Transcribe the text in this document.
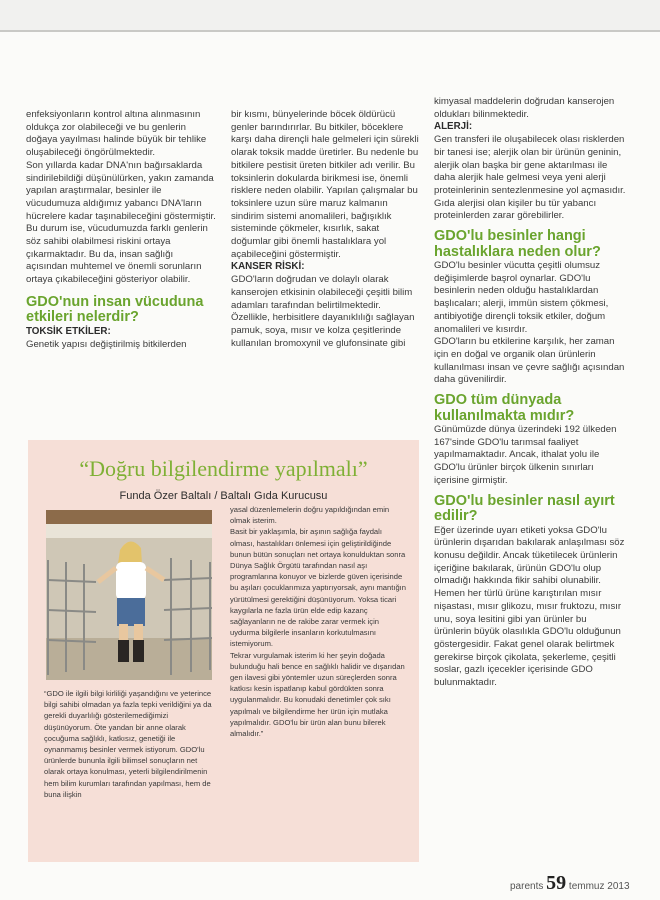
enfeksiyonların kontrol altına alınmasının oldukça zor olabileceği ve bu genlerin doğaya yayılması halinde büyük bir tehlike oluşabileceği öngörülmektedir.

Son yıllarda kadar DNA'nın bağırsaklarda sindirilebildiği düşünülürken, yakın zamanda yapılan araştırmalar, besinler ile vücudumuza aldığımız yabancı DNA'ların hücrelere kadar taşınabileceğini göstermiştir. Bu durum ise, vücudumuzda farklı genlerin söz sahibi olabilmesi riskini ortaya çıkarmaktadır. Bu da, insan sağlığı açısından muhtemel ve önemli sorunların ortaya çıkabileceğini gösteriyor olabilir.

GDO'nun insan vücuduna etkileri nelerdir?

TOKSİK ETKİLER:

Genetik yapısı değiştirilmiş bitkilerden

bir kısmı, bünyelerinde böcek öldürücü genler barındırırlar. Bu bitkiler, böceklere karşı daha dirençli hale gelmeleri için sürekli olarak toksik madde üretirler. Bu nedenle bu bitkilere pestisit üreten bitkiler adı verilir. Bu toksinlerin dokularda birikmesi ise, önemli risklere neden olabilir. Yapılan çalışmalar bu toksinlere uzun süre maruz kalmanın sindirim sistemi anomalileri, bağışıklık sisteminde çökmeler, kısırlık, sakat doğumlar gibi önemli hastalıklara yol açabileceğini göstermiştir.

KANSER RİSKİ:

GDO'ların doğrudan ve dolaylı olarak kanserojen etkisinin olabileceği çeşitli bilim adamları tarafından belirtilmektedir. Özellikle, herbisitlere dayanıklılığı sağlayan pamuk, soya, mısır ve kolza çeşitlerinde kullanılan bromoxynil ve glufonsinate gibi

kimyasal maddelerin doğrudan kanserojen oldukları bilinmektedir.

ALERJİ:

Gen transferi ile oluşabilecek olası risklerden bir tanesi ise; alerjik olan bir ürünün geninin, alerjik olan başka bir gene aktarılması ile daha alerjik hale gelmesi veya yeni alerji proteinlerinin sentezlenmesine yol açmasıdır. Gıda alerjisi olan kişiler bu tür yabancı proteinlerden zarar görebilirler.

GDO'lu besinler hangi hastalıklara neden olur?

GDO'lu besinler vücutta çeşitli olumsuz değişimlerde başrol oynarlar. GDO'lu besinlerin neden olduğu hastalıklardan başlıcaları; alerji, immün sistem çökmesi, antibiyotiğe dirençli toksik etkiler, doğum anomalileri ve kısırdır.

GDO'ların bu etkilerine karşılık, her zaman için en doğal ve organik olan ürünlerin kullanılması insan ve çevre sağlığı açısından daha güvenilirdir.

GDO tüm dünyada kullanılmakta mıdır?

Günümüzde dünya üzerindeki 192 ülkeden 167'sinde GDO'lu tarımsal faaliyet yapılmamaktadır. Ancak, ithalat yolu ile GDO'lu ürünler birçok ülkenin sınırları içerisine girmiştir.

GDO'lu besinler nasıl ayırt edilir?

Eğer üzerinde uyarı etiketi yoksa GDO'lu ürünlerin dışarıdan bakılarak anlaşılması söz konusu değildir. Ancak tüketilecek ürünlerin içeriğine bakılarak, ürünün GDO'lu olup olmadığı hakkında fikir sahibi olunabilir. Hemen her türlü ürüne karıştırılan mısır nişastası, mısır glikozu, mısır fruktozu, mısır unu, soya lesitini gibi yan ürünler bu ürünlerin büyük olasılıkla GDO'lu olduğunun göstergesidir. Fakat genel olarak belirtmek gerekirse birçok çikolata, şekerleme, çeşitli soslar, gazlı içecekler içerisinde GDO bulunmaktadır.

“Doğru bilgilendirme yapılmalı”
Funda Özer Baltalı / Baltalı Gıda Kurucusu

“GDO ile ilgili bilgi kirliliği yaşandığını ve yeterince bilgi sahibi olmadan ya fazla tepki verildiğini ya da gerekli duyarlılığı gösterilemediğimizi düşünüyorum. Öte yandan bir anne olarak çocuğuma sağlıklı, katkısız, genetiği ile oynanmamış besinler vermek istiyorum. GDO'lu ürünlerde bununla ilgili bilimsel sonuçların net olarak ortaya konulması, yeterli bilgilendirilmenin hem bilim kurumları tarafından yapılması, hem de buna ilişkin

yasal düzenlemelerin doğru yapıldığından emin olmak isterim.

Basit bir yaklaşımla, bir aşının sağlığa faydalı olması, hastalıkları önlemesi için geliştirildiğinde bunun bütün sonuçları net ortaya konulduktan sonra Dünya Sağlık Örgütü tarafından nasıl aşı programlarına konuyor ve bizlerde güven içerisinde bu aşıları çocuklarımıza yaptırıyorsak, aynı mantığın yürütülmesi gerektiğini düşünüyorum. Yoksa ticari kaygılarla ne fazla ürün elde edip kazanç sağlayanların ne de rakibe zarar vermek için uydurma bilgilerle insanların korkutulmasını istemiyorum.

Tekrar vurgulamak isterim ki her şeyin doğada bulunduğu hali bence en sağlıklı halidir ve dışarıdan gen ilavesi gibi yöntemler uzun süreçlerden sonra katkısı kesin ispatlanıp kabul gördükten sonra uygulanmalıdır. Bu konudaki denetimler çok sıkı yapılmalı ve bilgilendirme her ürün için mutlaka yapılmalıdır. GDO'lu bir ürün alan bunu bilerek almalıdır.”

parents 59 temmuz 2013
